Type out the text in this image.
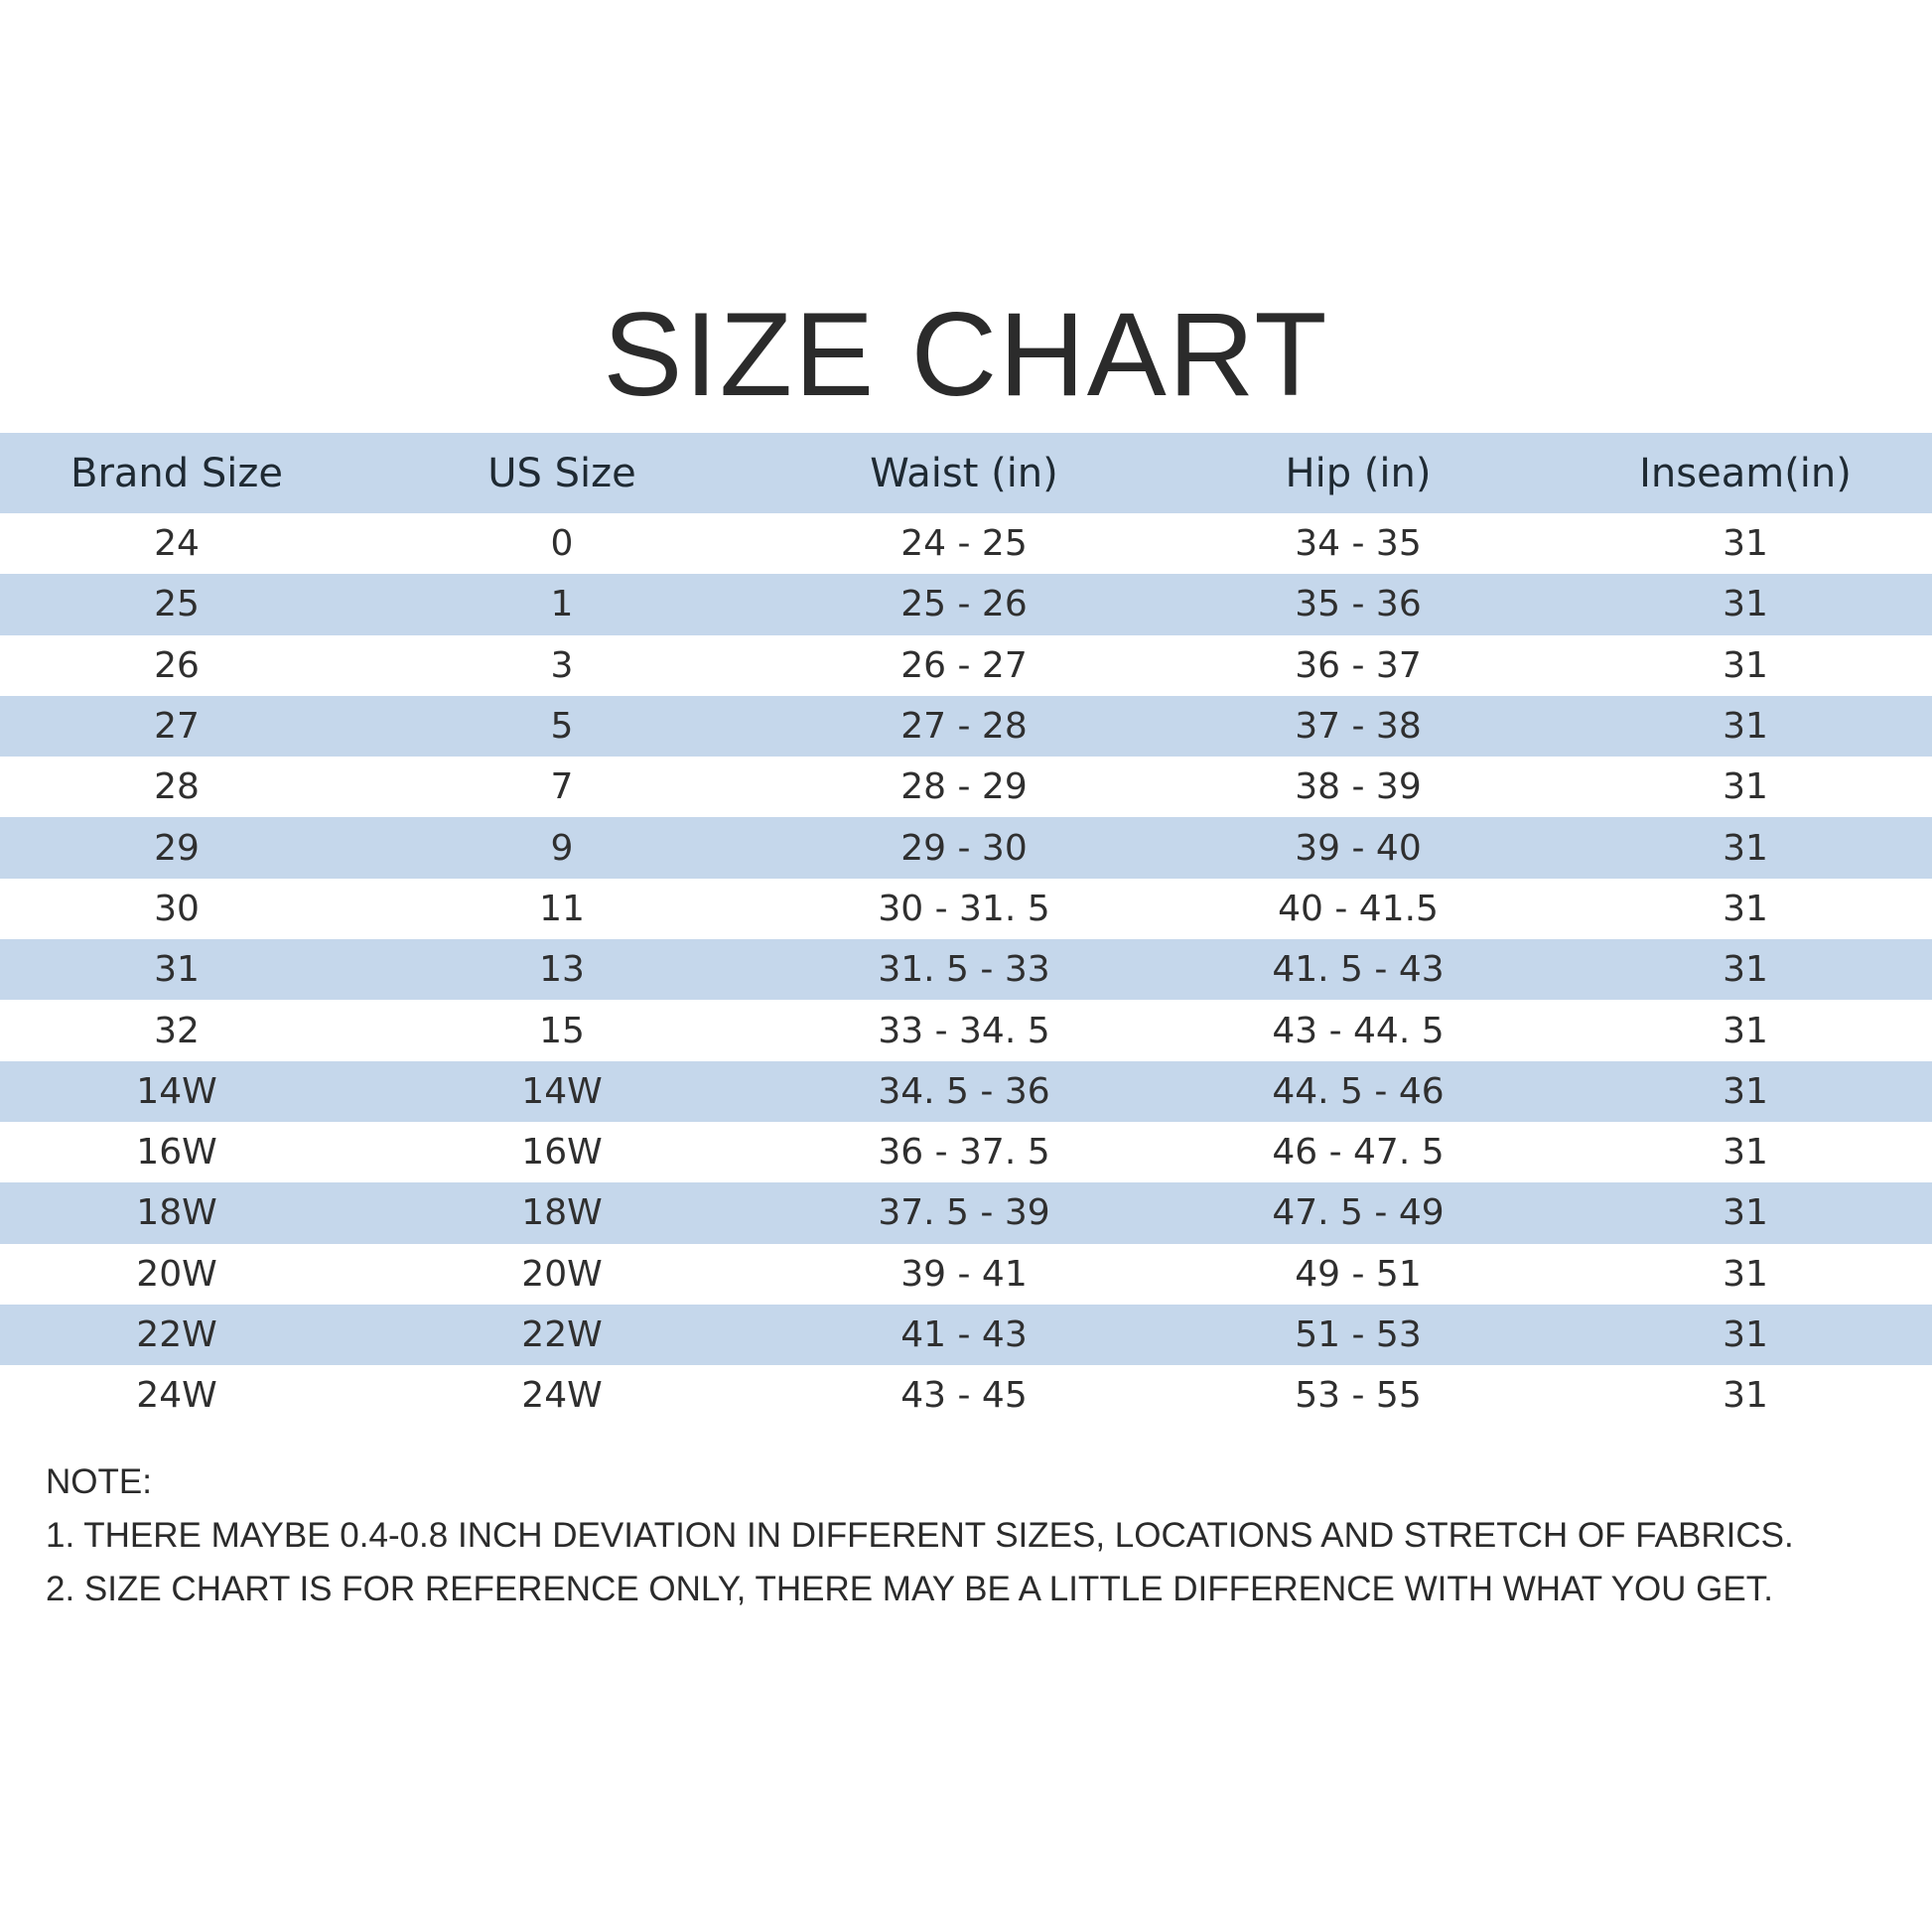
SIZE CHART
Brand Size	US Size	Waist (in)	Hip (in)	Inseam(in)
24	0	24 - 25	34 - 35	31
25	1	25 - 26	35 - 36	31
26	3	26 - 27	36 - 37	31
27	5	27 - 28	37 - 38	31
28	7	28 - 29	38 - 39	31
29	9	29 - 30	39 - 40	31
30	11	30 - 31. 5	40 - 41.5	31
31	13	31. 5 - 33	41. 5 - 43	31
32	15	33 - 34. 5	43 - 44. 5	31
14W	14W	34. 5 - 36	44. 5 - 46	31
16W	16W	36 - 37. 5	46 - 47. 5	31
18W	18W	37. 5 - 39	47. 5 - 49	31
20W	20W	39 - 41	49 - 51	31
22W	22W	41 - 43	51 - 53	31
24W	24W	43 - 45	53 - 55	31
NOTE:
1. THERE MAYBE 0.4-0.8 INCH DEVIATION IN DIFFERENT SIZES, LOCATIONS AND STRETCH OF FABRICS.
2. SIZE CHART IS FOR REFERENCE ONLY, THERE MAY BE A LITTLE DIFFERENCE WITH WHAT YOU GET.
